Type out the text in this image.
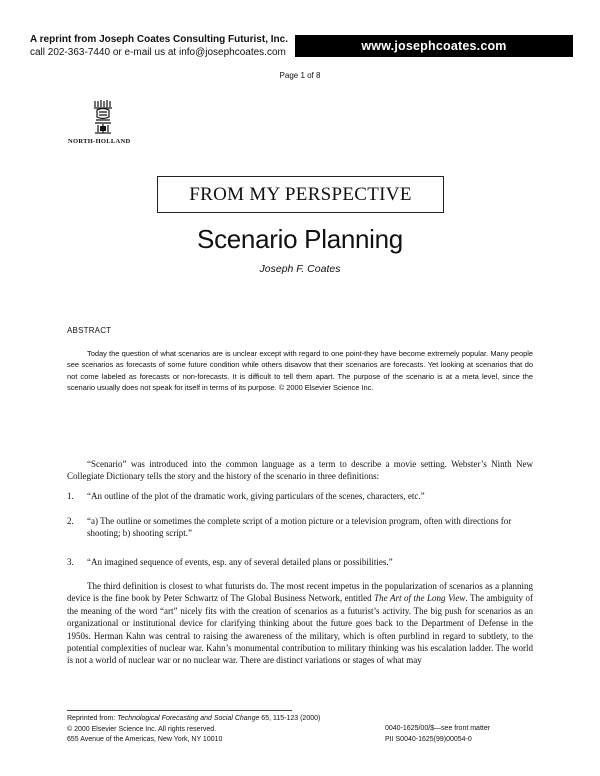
A reprint from Joseph Coates Consulting Futurist, Inc.
call 202-363-7440 or e-mail us at info@josephcoates.com	www.josephcoates.com
Page 1 of 8
NORTH-HOLLAND
FROM MY PERSPECTIVE
Scenario Planning
Joseph F. Coates
ABSTRACT

Today the question of what scenarios are is unclear except with regard to one point-they have become extremely popular. Many people see scenarios as forecasts of some future condition while others disavow that their scenarios are forecasts. Yet looking at scenarios that do not come labeled as forecasts or non-forecasts. It is difficult to tell them apart. The purpose of the scenario is at a meta level, since the scenario usually does not speak for itself in terms of its purpose. © 2000 Elsevier Science Inc.

“Scenario” was introduced into the common language as a term to describe a movie setting. Webster’s Ninth New Collegiate Dictionary tells the story and the history of the scenario in three definitions:

1. “An outline of the plot of the dramatic work, giving particulars of the scenes, characters, etc.”
2. “a) The outline or sometimes the complete script of a motion picture or a television program, often with directions for shooting; b) shooting script.”
3. “An imagined sequence of events, esp. any of several detailed plans or possibilities.”

The third definition is closest to what futurists do. The most recent impetus in the popularization of scenarios as a planning device is the fine book by Peter Schwartz of The Global Business Network, entitled The Art of the Long View. The ambiguity of the meaning of the word “art” nicely fits with the creation of scenarios as a futurist’s activity. The big push for scenarios as an organizational or institutional device for clarifying thinking about the future goes back to the Department of Defense in the 1950s. Herman Kahn was central to raising the awareness of the military, which is often purblind in regard to subtlety, to the potential complexities of nuclear war. Kahn’s monumental contribution to military thinking was his escalation ladder. The world is not a world of nuclear war or no nuclear war. There are distinct variations or stages of what may

Reprinted from: Technological Forecasting and Social Change 65, 115-123 (2000)
© 2000 Elsevier Science Inc. All rights reserved.
655 Avenue of the Americas, New York, NY 10010
0040-1625/00/$—see front matter
PII S0040-1625(99)00054-0
